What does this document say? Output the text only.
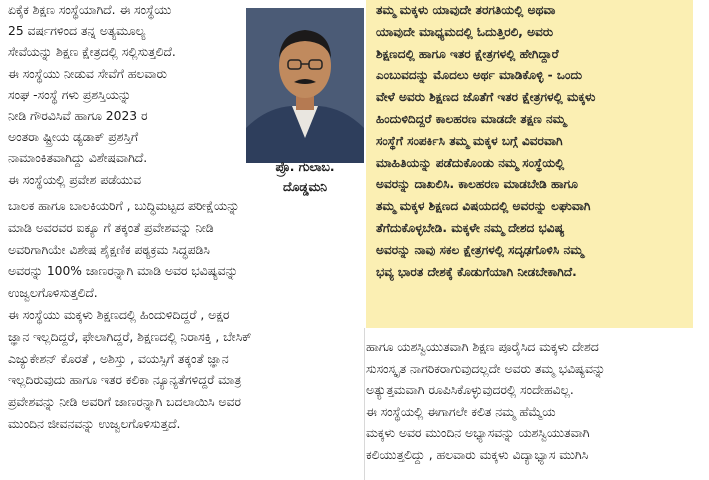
ಏಕೈಕ ಶಿಕ್ಷಣ ಸಂಸ್ಥೆಯಾಗಿದೆ. ಈ ಸಂಸ್ಥೆಯು
25 ವರ್ಷಗಳಿಂದ ತನ್ನ ಅತ್ಯಮೂಲ್ಯ
ಸೇವೆಯನ್ನು ಶಿಕ್ಷಣ ಕ್ಷೇತ್ರದಲ್ಲಿ ಸಲ್ಲಿಸುತ್ತಲಿದೆ.
ಈ ಸಂಸ್ಥೆಯು ನೀಡುವ ಸೇವೆಗೆ ಹಲವಾರು
ಸಂಘ -ಸಂಸ್ಥೆ ಗಳು ಪ್ರಶಸ್ತಿಯನ್ನು
ನೀಡಿ ಗೌರವಿಸಿವೆ ಹಾಗೂ 2023 ರ
ಅಂತರಾ ಷ್ಟ್ರೀಯ ಡ್ಯಡಾಕ್ ಪ್ರಶಸ್ತಿಗೆ
ನಾಮಾಂಕಿತವಾಗಿದ್ದು ವಿಶೇಷವಾಗಿದೆ.
ಈ ಸಂಸ್ಥೆಯಲ್ಲಿ ಪ್ರವೇಶ ಪಡೆಯುವ
ಪ್ರೊ. ಗುಲಾಬ.
ದೊಡ್ಡಮನಿ
ತಮ್ಮ ಮಕ್ಕಳು ಯಾವುದೇ ತರಗತಿಯಲ್ಲಿ ಅಥವಾ
ಯಾವುದೇ ಮಾಧ್ಯಮದಲ್ಲಿ ಓದುತ್ತಿರಲಿ, ಅವರು
ಶಿಕ್ಷಣದಲ್ಲಿ ಹಾಗೂ ಇತರ ಕ್ಷೇತ್ರಗಳಲ್ಲಿ ಹೇಗಿದ್ದಾರೆ
ಎಂಬುವದನ್ನು ಮೊದಲು ಅರ್ಥ ಮಾಡಿಕೊಳ್ಳಿ - ಒಂದು
ವೇಳೆ ಅವರು ಶಿಕ್ಷಣದ ಜೊತೆಗೆ ಇತರ ಕ್ಷೇತ್ರಗಳಲ್ಲಿ ಮಕ್ಕಳು
ಹಿಂದುಳಿದಿದ್ದರೆ ಕಾಲಹರಣ ಮಾಡದೇ ತಕ್ಷಣ ನಮ್ಮ
ಸಂಸ್ಥೆಗೆ ಸಂಪರ್ಕಿಸಿ ತಮ್ಮ ಮಕ್ಕಳ ಬಗ್ಗೆ ವಿವರವಾಗಿ
ಮಾಹಿತಿಯನ್ನು ಪಡೆದುಕೊಂಡು ನಮ್ಮ ಸಂಸ್ಥೆಯಲ್ಲಿ
ಅವರನ್ನು ದಾಖಲಿಸಿ. ಕಾಲಹರಣ ಮಾಡಬೇಡಿ ಹಾಗೂ
ತಮ್ಮ ಮಕ್ಕಳ ಶಿಕ್ಷಣದ ವಿಷಯದಲ್ಲಿ ಅವರನ್ನು ಲಘುವಾಗಿ
ತೆಗೆದುಕೊಳ್ಳಬೇಡಿ. ಮಕ್ಕಳೇ ನಮ್ಮ ದೇಶದ ಭವಿಷ್ಯ
ಅವರನ್ನು ನಾವು ಸಕಲ ಕ್ಷೇತ್ರಗಳಲ್ಲಿ ಸದೃಢಗೊಳಿಸಿ ನಮ್ಮ
ಭವ್ಯ ಭಾರತ ದೇಶಕ್ಕೆ ಕೊಡುಗೆಯಾಗಿ ನೀಡಬೇಕಾಗಿದೆ.
ಬಾಲಕ ಹಾಗೂ ಬಾಲಕಿಯರಿಗೆ , ಬುದ್ಧಿಮಟ್ಟದ ಪರೀಕ್ಷೆಯನ್ನು
ಮಾಡಿ ಅವರವರ ಐಕ್ಯೂ ಗೆ ತಕ್ಕಂತೆ ಪ್ರವೇಶವನ್ನು ನೀಡಿ
ಅವರಿಗಾಗಿಯೇ ವಿಶೇಷ ಶೈಕ್ಷಣಿಕ ಪಠ್ಯಕ್ರಮ ಸಿದ್ಧಪಡಿಸಿ
ಅವರನ್ನು 100% ಜಾಣರನ್ನಾಗಿ ಮಾಡಿ ಅವರ ಭವಿಷ್ಯವನ್ನು
ಉಜ್ವಲಗೊಳಿಸುತ್ತಲಿದೆ.
ಈ ಸಂಸ್ಥೆಯು ಮಕ್ಕಳು ಶಿಕ್ಷಣದಲ್ಲಿ ಹಿಂದುಳಿದಿದ್ದರೆ , ಅಕ್ಷರ
ಜ್ಞಾನ ಇಲ್ಲದಿದ್ದರೆ, ಫೇಲಾಗಿದ್ದರೆ, ಶಿಕ್ಷಣದಲ್ಲಿ ನಿರಾಸಕ್ತಿ , ಬೇಸಿಕ್
ಎಜ್ಯುಕೇಶನ್ ಕೊರತೆ , ಅಶಿಸ್ತು , ವಯಸ್ಸಿಗೆ ತಕ್ಕಂತೆ ಜ್ಞಾನ
ಇಲ್ಲದಿರುವುದು ಹಾಗೂ ಇತರ ಕಲಿಕಾ ನ್ಯೂನ್ಯತೆಗಳಿದ್ದರೆ ಮಾತ್ರ
ಪ್ರವೇಶವನ್ನು ನೀಡಿ ಅವರಿಗೆ ಜಾಣರನ್ನಾಗಿ ಬದಲಾಯಿಸಿ ಅವರ
ಮುಂದಿನ ಜೀವನವನ್ನು ಉಜ್ವಲಗೊಳಿಸುತ್ತದೆ.
ಹಾಗೂ ಯಶಸ್ವಿಯುತವಾಗಿ ಶಿಕ್ಷಣ ಪೂರೈಸಿದ ಮಕ್ಕಳು ದೇಶದ
ಸುಸಂಸ್ಕೃತ ನಾಗರಿಕರಾಗುವುದಲ್ಲದೇ ಅವರು ತಮ್ಮ ಭವಿಷ್ಯವನ್ನು
ಅತ್ಯುತ್ತಮವಾಗಿ ರೂಪಿಸಿಕೊಳ್ಳುವುದರಲ್ಲಿ ಸಂದೇಹವಿಲ್ಲ.
ಈ ಸಂಸ್ಥೆಯಲ್ಲಿ ಈಗಾಗಲೇ ಕಲಿತ ನಮ್ಮ ಹೆಮ್ಮೆಯ
ಮಕ್ಕಳು ಅವರ ಮುಂದಿನ ಅಭ್ಯಾಸವನ್ನು ಯಶಸ್ವಿಯುತವಾಗಿ
ಕಲಿಯುತ್ತಲಿದ್ದು , ಹಲವಾರು ಮಕ್ಕಳು ವಿದ್ಯಾಭ್ಯಾಸ ಮುಗಿಸಿ
